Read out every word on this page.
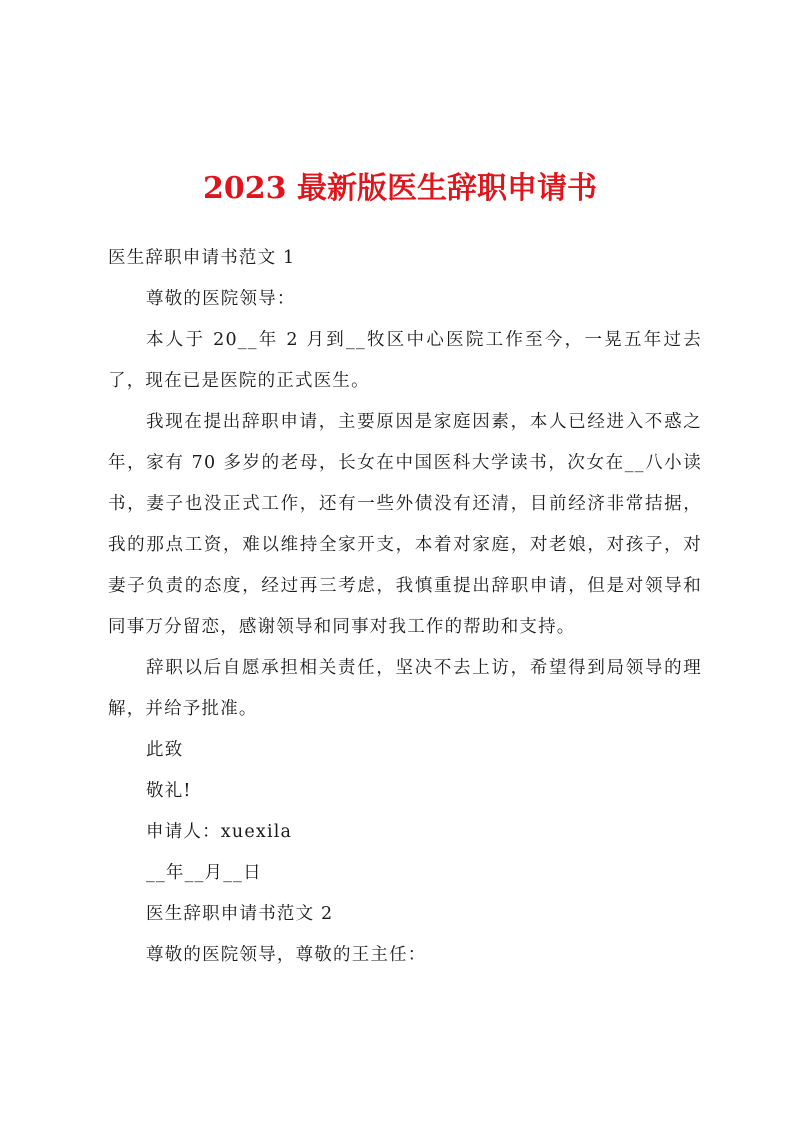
2023 最新版医生辞职申请书

医生辞职申请书范文 1

尊敬的医院领导：

本人于 20__年 2 月到__牧区中心医院工作至今，一晃五年过去了，现在已是医院的正式医生。

我现在提出辞职申请，主要原因是家庭因素，本人已经进入不惑之年，家有 70 多岁的老母，长女在中国医科大学读书，次女在__八小读书，妻子也没正式工作，还有一些外债没有还清，目前经济非常拮据，我的那点工资，难以维持全家开支，本着对家庭，对老娘，对孩子，对妻子负责的态度，经过再三考虑，我慎重提出辞职申请，但是对领导和同事万分留恋，感谢领导和同事对我工作的帮助和支持。

辞职以后自愿承担相关责任，坚决不去上访，希望得到局领导的理解，并给予批准。

此致

敬礼!

申请人：xuexila

__年__月__日

医生辞职申请书范文 2

尊敬的医院领导，尊敬的王主任：
